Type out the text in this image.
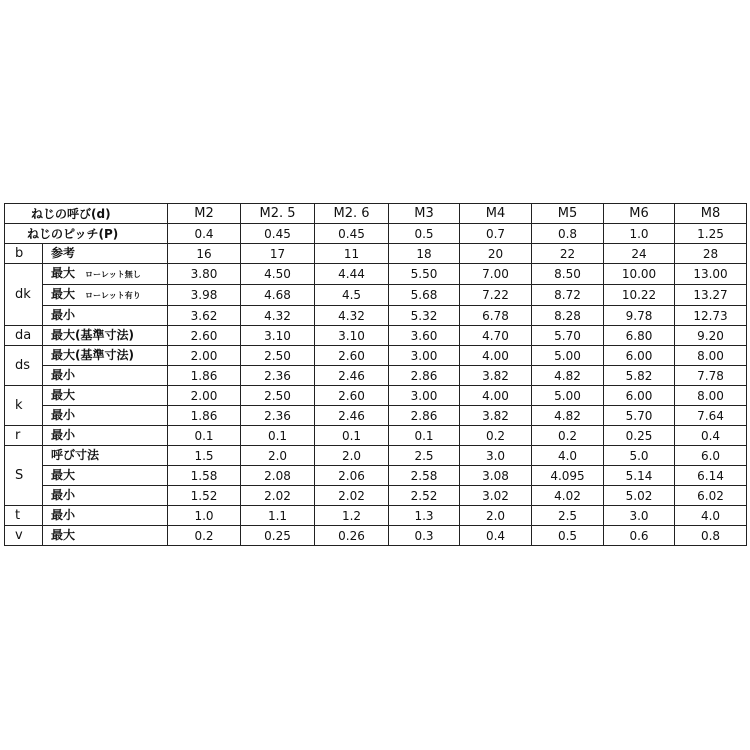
ねじの呼び(d)		M2	M2. 5	M2. 6	M3	M4	M5	M6	M8
ねじのピッチ(P)		0.4	0.45	0.45	0.5	0.7	0.8	1.0	1.25
b	参考	16	17	11	18	20	22	24	28
dk	最大 ローレット無し	3.80	4.50	4.44	5.50	7.00	8.50	10.00	13.00
	最大 ローレット有り	3.98	4.68	4.5	5.68	7.22	8.72	10.22	13.27
	最小	3.62	4.32	4.32	5.32	6.78	8.28	9.78	12.73
da	最大(基準寸法)	2.60	3.10	3.10	3.60	4.70	5.70	6.80	9.20
ds	最大(基準寸法)	2.00	2.50	2.60	3.00	4.00	5.00	6.00	8.00
	最小	1.86	2.36	2.46	2.86	3.82	4.82	5.82	7.78
k	最大	2.00	2.50	2.60	3.00	4.00	5.00	6.00	8.00
	最小	1.86	2.36	2.46	2.86	3.82	4.82	5.70	7.64
r	最小	0.1	0.1	0.1	0.1	0.2	0.2	0.25	0.4
S	呼び寸法	1.5	2.0	2.0	2.5	3.0	4.0	5.0	6.0
	最大	1.58	2.08	2.06	2.58	3.08	4.095	5.14	6.14
	最小	1.52	2.02	2.02	2.52	3.02	4.02	5.02	6.02
t	最小	1.0	1.1	1.2	1.3	2.0	2.5	3.0	4.0
v	最大	0.2	0.25	0.26	0.3	0.4	0.5	0.6	0.8
